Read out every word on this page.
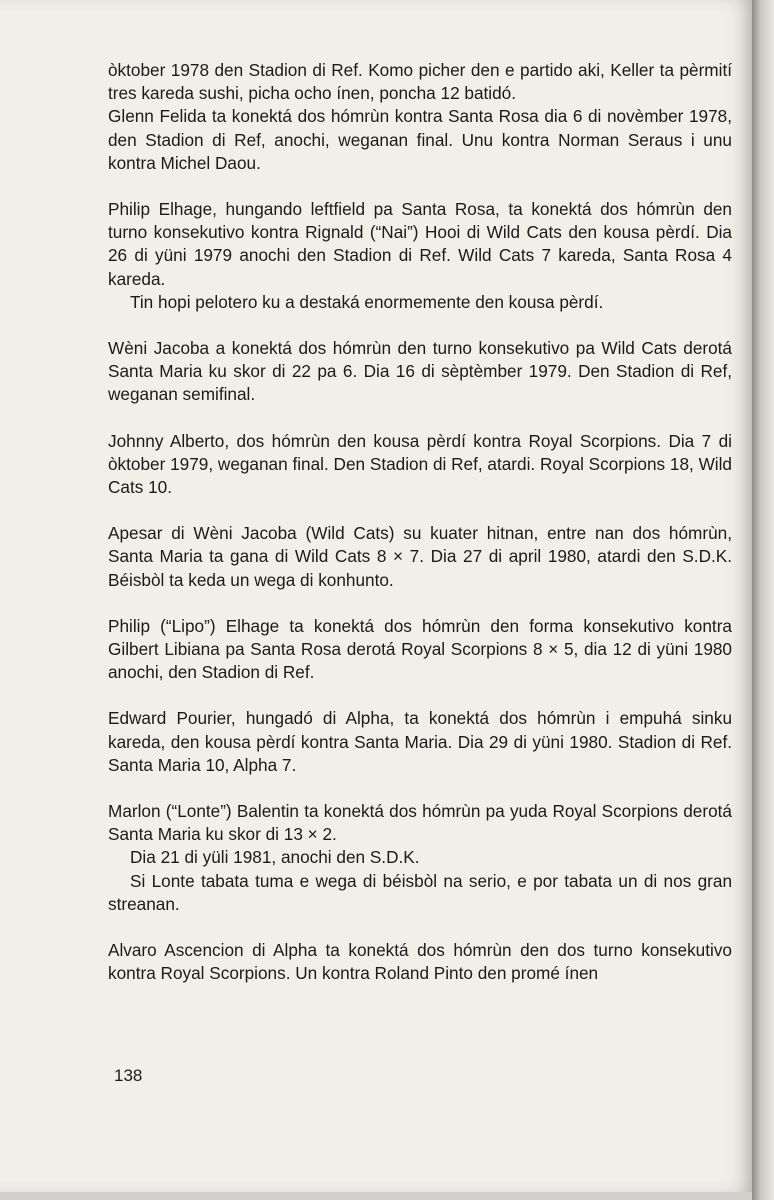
òktober 1978 den Stadion di Ref. Komo picher den e partido aki, Keller ta pèrmití tres kareda sushi, picha ocho ínen, poncha 12 batidó.

Glenn Felida ta konektá dos hómrùn kontra Santa Rosa dia 6 di novèmber 1978, den Stadion di Ref, anochi, weganan final. Unu kontra Norman Seraus i unu kontra Michel Daou.

Philip Elhage, hungando leftfield pa Santa Rosa, ta konektá dos hómrùn den turno konsekutivo kontra Rignald (“Nai”) Hooi di Wild Cats den kousa pèrdí. Dia 26 di yüni 1979 anochi den Stadion di Ref. Wild Cats 7 kareda, Santa Rosa 4 kareda.

Tin hopi pelotero ku a destaká enormemente den kousa pèrdí.

Wèni Jacoba a konektá dos hómrùn den turno konsekutivo pa Wild Cats derotá Santa Maria ku skor di 22 pa 6. Dia 16 di sèptèmber 1979. Den Stadion di Ref, weganan semifinal.

Johnny Alberto, dos hómrùn den kousa pèrdí kontra Royal Scorpions. Dia 7 di òktober 1979, weganan final. Den Stadion di Ref, atardi. Royal Scorpions 18, Wild Cats 10.

Apesar di Wèni Jacoba (Wild Cats) su kuater hitnan, entre nan dos hómrùn, Santa Maria ta gana di Wild Cats 8 × 7. Dia 27 di april 1980, atardi den S.D.K. Béisbòl ta keda un wega di konhunto.

Philip (“Lipo”) Elhage ta konektá dos hómrùn den forma konsekutivo kontra Gilbert Libiana pa Santa Rosa derotá Royal Scorpions 8 × 5, dia 12 di yüni 1980 anochi, den Stadion di Ref.

Edward Pourier, hungadó di Alpha, ta konektá dos hómrùn i empuhá sinku kareda, den kousa pèrdí kontra Santa Maria. Dia 29 di yüni 1980. Stadion di Ref. Santa Maria 10, Alpha 7.

Marlon (“Lonte”) Balentin ta konektá dos hómrùn pa yuda Royal Scorpions derotá Santa Maria ku skor di 13 × 2.

Dia 21 di yüli 1981, anochi den S.D.K.

Si Lonte tabata tuma e wega di béisbòl na serio, e por tabata un di nos gran streanan.

Alvaro Ascencion di Alpha ta konektá dos hómrùn den dos turno konsekutivo kontra Royal Scorpions. Un kontra Roland Pinto den promé ínen

138
